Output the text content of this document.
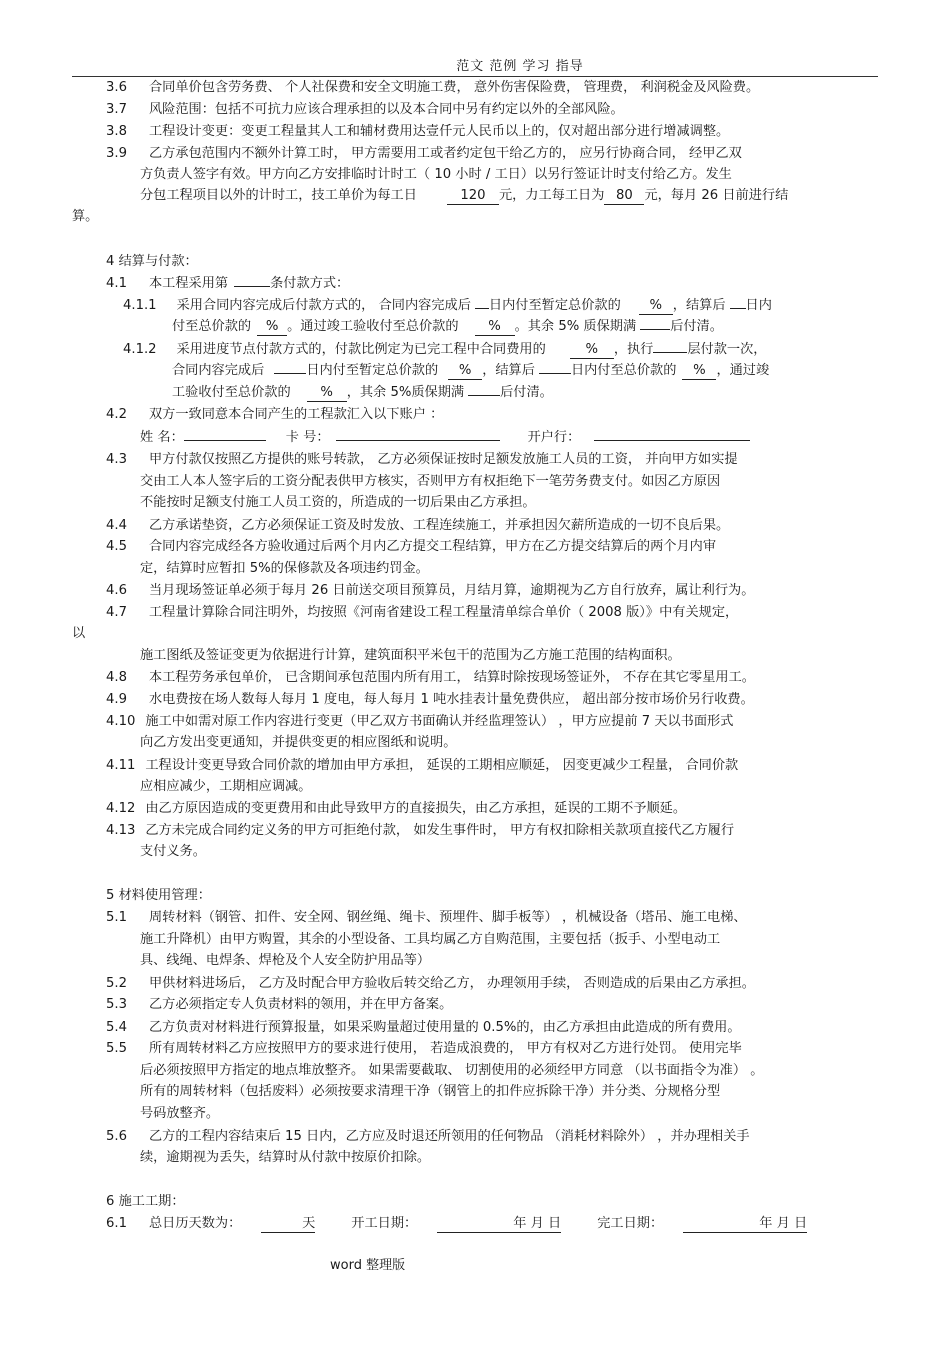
范文 范例 学习 指导
3.6 合同单价包含劳务费、 个人社保费和安全文明施工费， 意外伤害保险费， 管理费， 利润税金及风险费。
3.7 风险范围：包括不可抗力应该合理承担的以及本合同中另有约定以外的全部风险。
3.8 工程设计变更：变更工程量其人工和辅材费用达壹仟元人民币以上的，仅对超出部分进行增减调整。
3.9 乙方承包范围内不额外计算工时， 甲方需要用工或者约定包干给乙方的， 应另行协商合同， 经甲乙双
方负责人签字有效。甲方向乙方安排临时计时工（ 10 小时 / 工日）以另行签证计时支付给乙方。发生
分包工程项目以外的计时工，技工单价为每工日	120 元，力工每工日为 80 元，每月 26 日前进行结
算。
4 结算与付款：
4.1 本工程采用第	条付款方式：
4.1.1 采用合同内容完成后付款方式的， 合同内容完成后 日内付至暂定总价款的 % ，结算后 日内
付至总价款的 % 。通过竣工验收付至总价款的 % 。其余 5% 质保期满	后付清。
4.1.2 采用进度节点付款方式的，付款比例定为已完工程中合同费用的	% ，执行	层付款一次，
合同内容完成后	日内付至暂定总价款的 % ，结算后	日内付至总价款的 % ，通过竣
工验收付至总价款的 % ，其余 5%质保期满	后付清。
4.2 双方一致同意本合同产生的工程款汇入以下账户 ：
姓 名：	卡 号：	开户行：
4.3 甲方付款仅按照乙方提供的账号转款， 乙方必须保证按时足额发放施工人员的工资， 并向甲方如实提
交由工人本人签字后的工资分配表供甲方核实，否则甲方有权拒绝下一笔劳务费支付。如因乙方原因
不能按时足额支付施工人员工资的，所造成的一切后果由乙方承担。
4.4 乙方承诺垫资，乙方必须保证工资及时发放、工程连续施工，并承担因欠薪所造成的一切不良后果。
4.5 合同内容完成经各方验收通过后两个月内乙方提交工程结算，甲方在乙方提交结算后的两个月内审
定，结算时应暂扣 5%的保修款及各项违约罚金。
4.6 当月现场签证单必须于每月 26 日前送交项目预算员，月结月算，逾期视为乙方自行放弃，属让利行为。
4.7 工程量计算除合同注明外，均按照《河南省建设工程工程量清单综合单价（ 2008 版）》中有关规定，
以
施工图纸及签证变更为依据进行计算，建筑面积平米包干的范围为乙方施工范围的结构面积。
4.8 本工程劳务承包单价， 已含期间承包范围内所有用工， 结算时除按现场签证外， 不存在其它零星用工。
4.9 水电费按在场人数每人每月 1 度电，每人每月 1 吨水挂表计量免费供应， 超出部分按市场价另行收费。
4.10 施工中如需对原工作内容进行变更（甲乙双方书面确认并经监理签认） ，甲方应提前 7 天以书面形式
向乙方发出变更通知，并提供变更的相应图纸和说明。
4.11 工程设计变更导致合同价款的增加由甲方承担， 延误的工期相应顺延， 因变更减少工程量， 合同价款
应相应减少，工期相应调减。
4.12 由乙方原因造成的变更费用和由此导致甲方的直接损失，由乙方承担，延误的工期不予顺延。
4.13 乙方未完成合同约定义务的甲方可拒绝付款， 如发生事件时， 甲方有权扣除相关款项直接代乙方履行
支付义务。
5 材料使用管理：
5.1 周转材料（钢管、扣件、安全网、钢丝绳、绳卡、预埋件、脚手板等） ，机械设备（塔吊、施工电梯、
施工升降机）由甲方购置，其余的小型设备、工具均属乙方自购范围，主要包括（扳手、小型电动工
具、线绳、电焊条、焊枪及个人安全防护用品等）
5.2 甲供材料进场后， 乙方及时配合甲方验收后转交给乙方， 办理领用手续， 否则造成的后果由乙方承担。
5.3 乙方必须指定专人负责材料的领用，并在甲方备案。
5.4 乙方负责对材料进行预算报量，如果采购量超过使用量的 0.5%的，由乙方承担由此造成的所有费用。
5.5 所有周转材料乙方应按照甲方的要求进行使用， 若造成浪费的， 甲方有权对乙方进行处罚。 使用完毕
后必须按照甲方指定的地点堆放整齐。 如果需要截取、 切割使用的必须经甲方同意 （以书面指令为准） 。
所有的周转材料（包括废料）必须按要求清理干净（钢管上的扣件应拆除干净）并分类、分规格分型
号码放整齐。
5.6 乙方的工程内容结束后 15 日内，乙方应及时退还所领用的任何物品 （消耗材料除外） ，并办理相关手
续，逾期视为丢失，结算时从付款中按原价扣除。
6 施工工期：
6.1 总日历天数为：	天	开工日期：	年 月 日	完工日期：	年 月 日
word 整理版
